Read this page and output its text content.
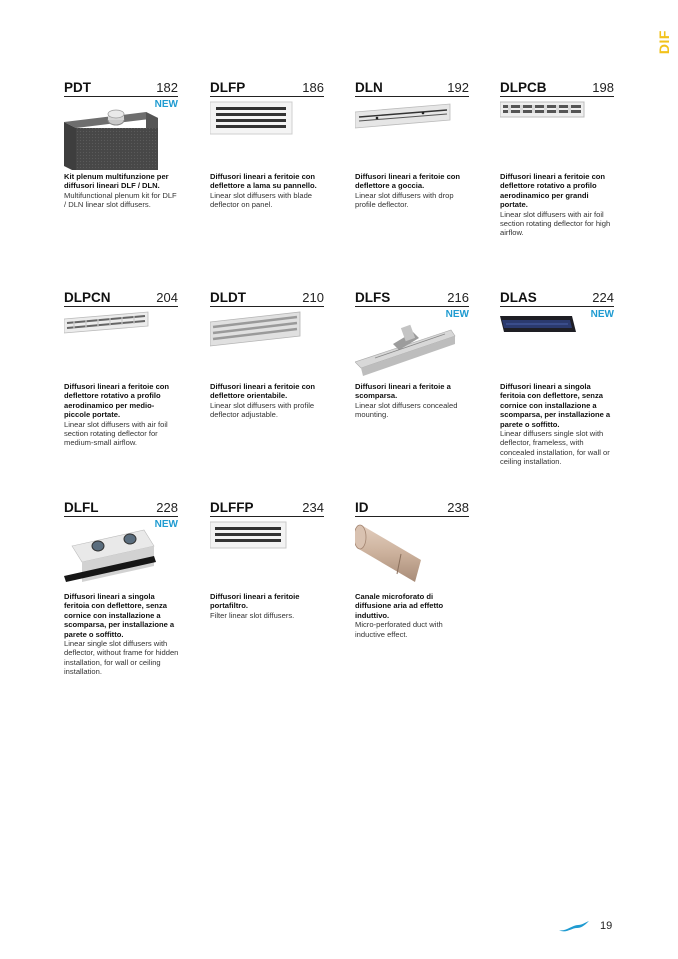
DIF
PDT	182
NEW
Kit plenum multifunzione per diffusori lineari DLF / DLN.
Multifunctional plenum kit for DLF / DLN linear slot diffusers.
DLFP	186
Diffusori lineari a feritoie con deflettore a lama su pannello.
Linear slot diffusers with blade deflector on panel.
DLN	192
Diffusori lineari a feritoie con deflettore a goccia.
Linear slot diffusers with drop profile deflector.
DLPCB	198
Diffusori lineari a feritoie con deflettore rotativo a profilo aerodinamico per grandi portate.
Linear slot diffusers with air foil section rotating deflector for high airflow.
DLPCN	204
Diffusori lineari a feritoie con deflettore rotativo a profilo aerodinamico per medio-piccole portate.
Linear slot diffusers with air foil section rotating deflector for medium-small airflow.
DLDT	210
Diffusori lineari a feritoie con deflettore orientabile.
Linear slot diffusers with profile deflector adjustable.
DLFS	216
NEW
Diffusori lineari a feritoie a scomparsa.
Linear slot diffusers concealed mounting.
DLAS	224
NEW
Diffusori lineari a singola feritoia con deflettore, senza cornice con installazione a scomparsa, per installazione a parete o soffitto.
Linear diffusers single slot with deflector, frameless, with concealed installation, for wall or ceiling installation.
DLFL	228
NEW
Diffusori lineari a singola feritoia con deflettore, senza cornice con installazione a scomparsa, per installazione a parete o soffitto.
Linear single slot diffusers with deflector, without frame for hidden installation, for wall or ceiling installation.
DLFFP	234
Diffusori lineari a feritoie portafiltro.
Filter linear slot diffusers.
ID	238
Canale microforato di diffusione aria ad effetto induttivo.
Micro-perforated duct with inductive effect.
19
